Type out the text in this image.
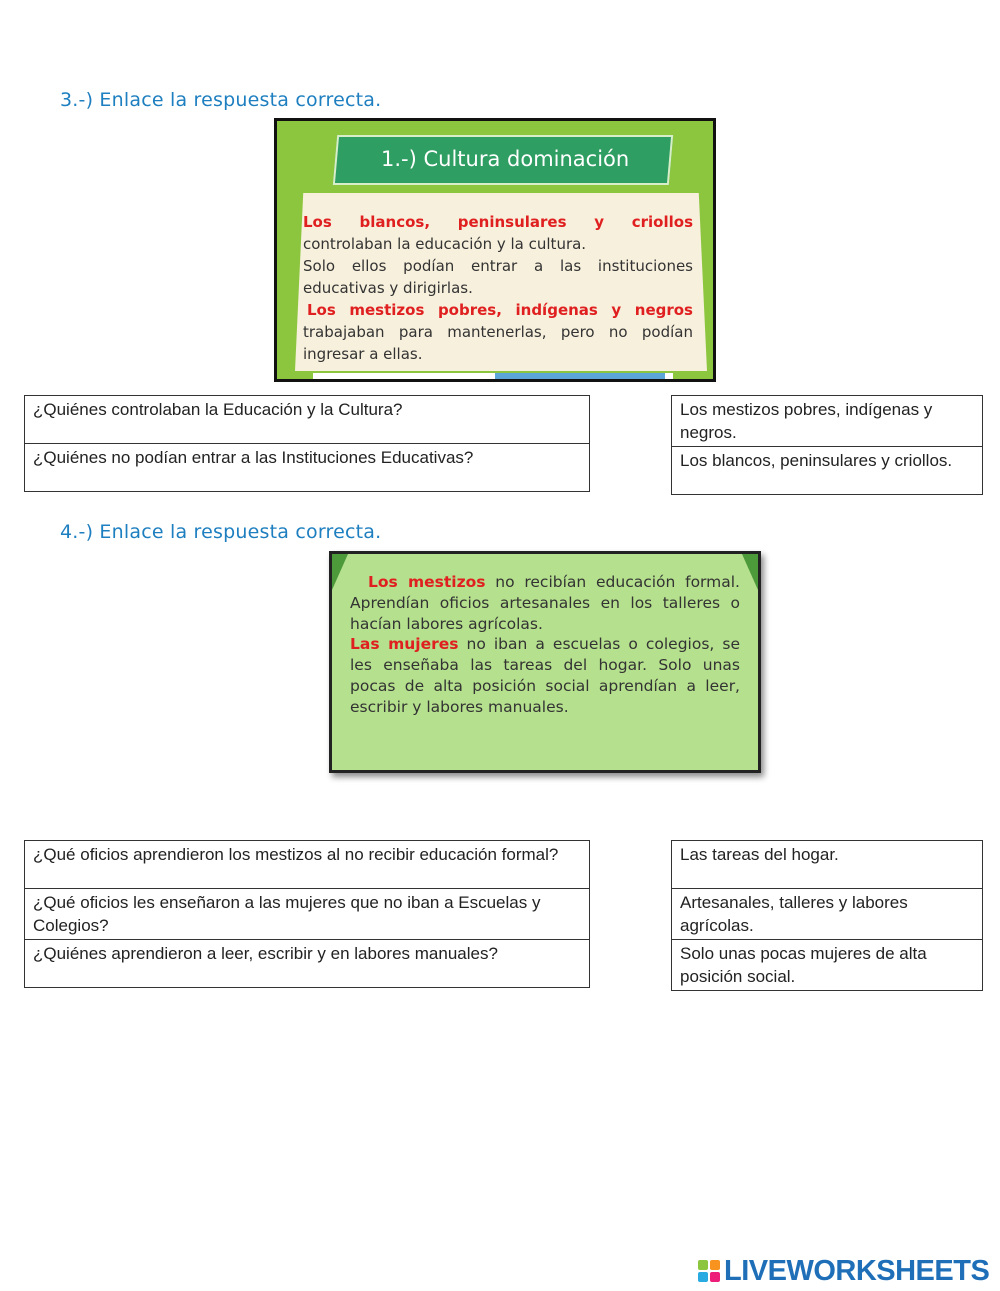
3.-) Enlace la respuesta correcta.
1.-) Cultura dominación
Los blancos, peninsulares y criollos controlaban la educación y la cultura.
Solo ellos podían entrar a las instituciones educativas y dirigirlas.
Los mestizos pobres, indígenas y negros trabajaban para mantenerlas, pero no podían ingresar a ellas.
¿Quiénes controlaban la Educación y la Cultura?
¿Quiénes no podían entrar a las Instituciones Educativas?
Los mestizos pobres, indígenas y negros.
Los blancos, peninsulares y criollos.
4.-) Enlace la respuesta correcta.
Los mestizos no recibían educación formal. Aprendían oficios artesanales en los talleres o hacían labores agrícolas.
Las mujeres no iban a escuelas o colegios, se les enseñaba las tareas del hogar. Solo unas pocas de alta posición social aprendían a leer, escribir y labores manuales.
¿Qué oficios aprendieron los mestizos al no recibir educación formal?
¿Qué oficios les enseñaron a las mujeres que no iban a Escuelas y Colegios?
¿Quiénes aprendieron a leer, escribir y en labores manuales?
Las tareas del hogar.
Artesanales, talleres y labores agrícolas.
Solo unas pocas mujeres de alta posición social.
LIVEWORKSHEETS
